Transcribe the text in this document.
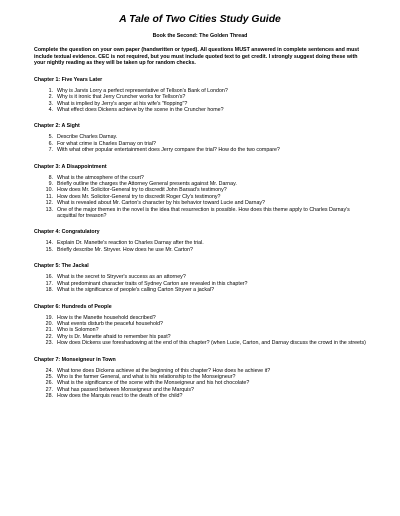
A Tale of Two Cities Study Guide
Book the Second: The Golden Thread

Complete the question on your own paper (handwritten or typed). All questions MUST answered in complete sentences and must include textual evidence. CEC is not required, but you must include quoted text to get credit. I strongly suggest doing these with your nightly reading as they will be taken up for random checks.

Chapter 1: Five Years Later
1. Why is Jarvis Lorry a perfect representative of Tellson's Bank of London?
2. Why is it ironic that Jerry Cruncher works for Tellson's?
3. What is implied by Jerry's anger at his wife's "flopping"?
4. What effect does Dickens achieve by the scene in the Cruncher home?
Chapter 2: A Sight
5. Describe Charles Darnay.
6. For what crime is Charles Darnay on trial?
7. With what other popular entertainment does Jerry compare the trial? How do the two compare?
Chapter 3: A Disappointment
8. What is the atmosphere of the court?
9. Briefly outline the charges the Attorney General presents against Mr. Darnay.
10. How does Mr. Solicitor-General try to discredit John Barsad's testimony?
11. How does Mr. Solicitor-General try to discredit Roger Cly's testimony?
12. What is revealed about Mr. Carton's character by his behavior toward Lucie and Darnay?
13. One of the major themes in the novel is the idea that resurrection is possible. How does this theme apply to Charles Darnay's acquittal for treason?
Chapter 4: Congratulatory
14. Explain Dr. Manette's reaction to Charles Darnay after the trial.
15. Briefly describe Mr. Stryver. How does he use Mr. Carton?
Chapter 5: The Jackal
16. What is the secret to Stryver's success as an attorney?
17. What predominant character traits of Sydney Carton are revealed in this chapter?
18. What is the significance of people's calling Carton Stryver a jackal?
Chapter 6: Hundreds of People
19. How is the Manette household described?
20. What events disturb the peaceful household?
21. Who is Solomon?
22. Why is Dr. Manette afraid to remember his past?
23. How does Dickens use foreshadowing at the end of this chapter? (when Lucie, Carton, and Darnay discuss the crowd in the streets)
Chapter 7: Monseigneur in Town
24. What tone does Dickens achieve at the beginning of this chapter? How does he achieve it?
25. Who is the farmer General, and what is his relationship to the Monseigneur?
26. What is the significance of the scene with the Monseigneur and his hot chocolate?
27. What has passed between Monseigneur and the Marquis?
28. How does the Marquis react to the death of the child?
